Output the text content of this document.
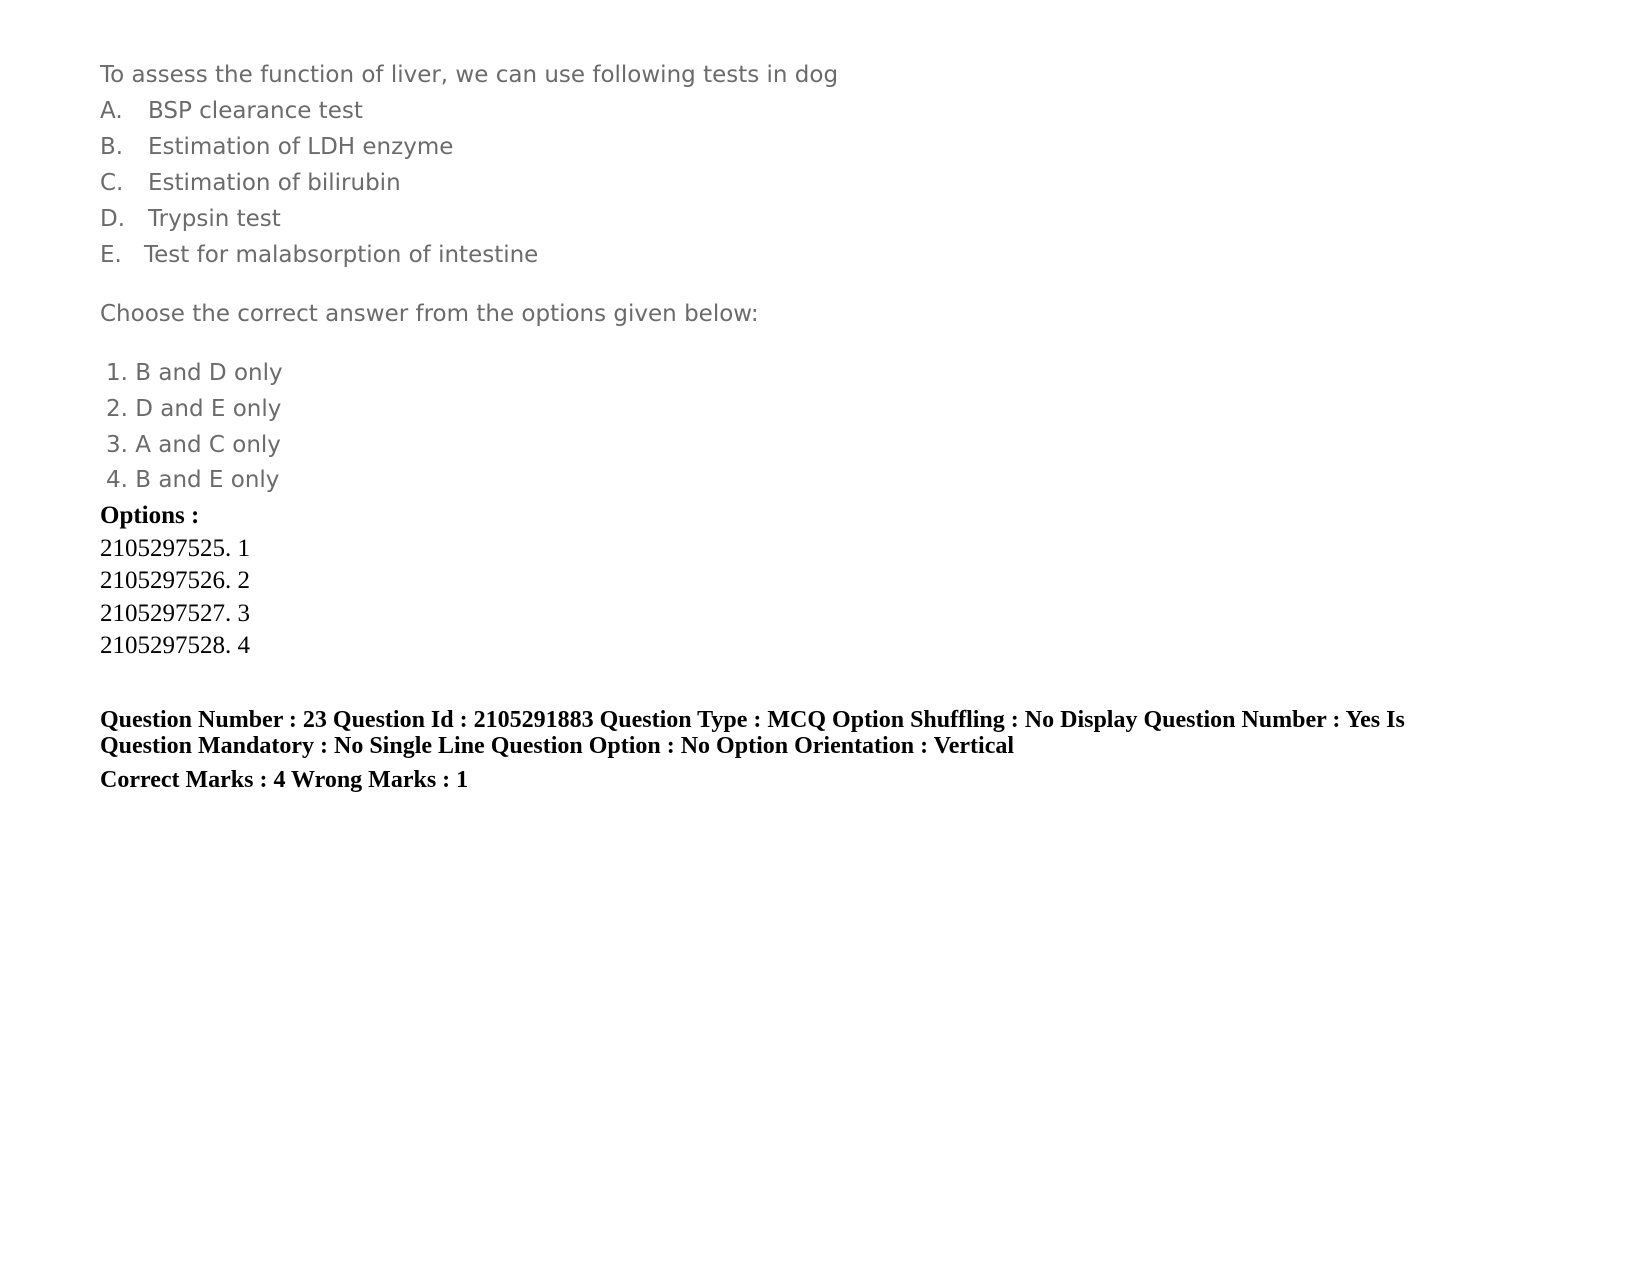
To assess the function of liver, we can use following tests in dog
A. BSP clearance test
B. Estimation of LDH enzyme
C. Estimation of bilirubin
D. Trypsin test
E. Test for malabsorption of intestine
Choose the correct answer from the options given below:
1. B and D only
2. D and E only
3. A and C only
4. B and E only
Options :
2105297525. 1
2105297526. 2
2105297527. 3
2105297528. 4
Question Number : 23 Question Id : 2105291883 Question Type : MCQ Option Shuffling : No Display Question Number : Yes Is
Question Mandatory : No Single Line Question Option : No Option Orientation : Vertical
Correct Marks : 4 Wrong Marks : 1
